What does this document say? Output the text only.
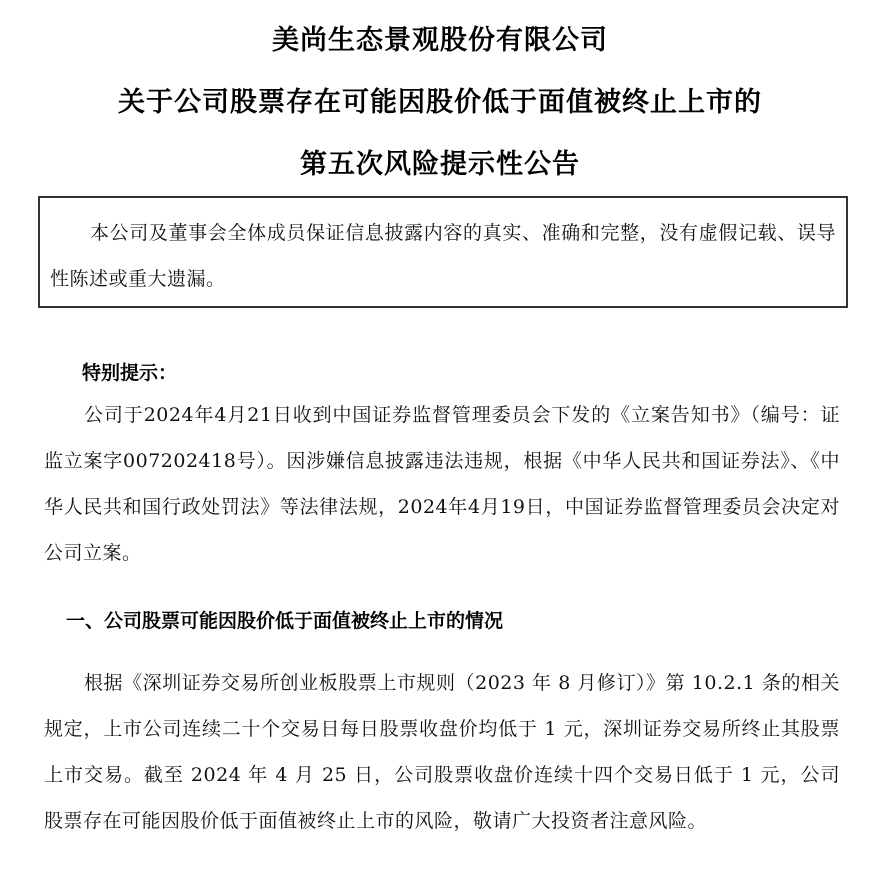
美尚生态景观股份有限公司
关于公司股票存在可能因股价低于面值被终止上市的
第五次风险提示性公告
本公司及董事会全体成员保证信息披露内容的真实、准确和完整，没有虚假记载、误导性陈述或重大遗漏。
特别提示：
公司于2024年4月21日收到中国证券监督管理委员会下发的《立案告知书》（编号：证监立案字007202418号）。因涉嫌信息披露违法违规，根据《中华人民共和国证券法》、《中华人民共和国行政处罚法》等法律法规，2024年4月19日，中国证券监督管理委员会决定对公司立案。
一、公司股票可能因股价低于面值被终止上市的情况
根据《深圳证券交易所创业板股票上市规则（2023 年 8 月修订）》第 10.2.1 条的相关规定，上市公司连续二十个交易日每日股票收盘价均低于 1 元，深圳证券交易所终止其股票上市交易。截至 2024 年 4 月 25 日，公司股票收盘价连续十四个交易日低于 1 元，公司股票存在可能因股价低于面值被终止上市的风险，敬请广大投资者注意风险。
